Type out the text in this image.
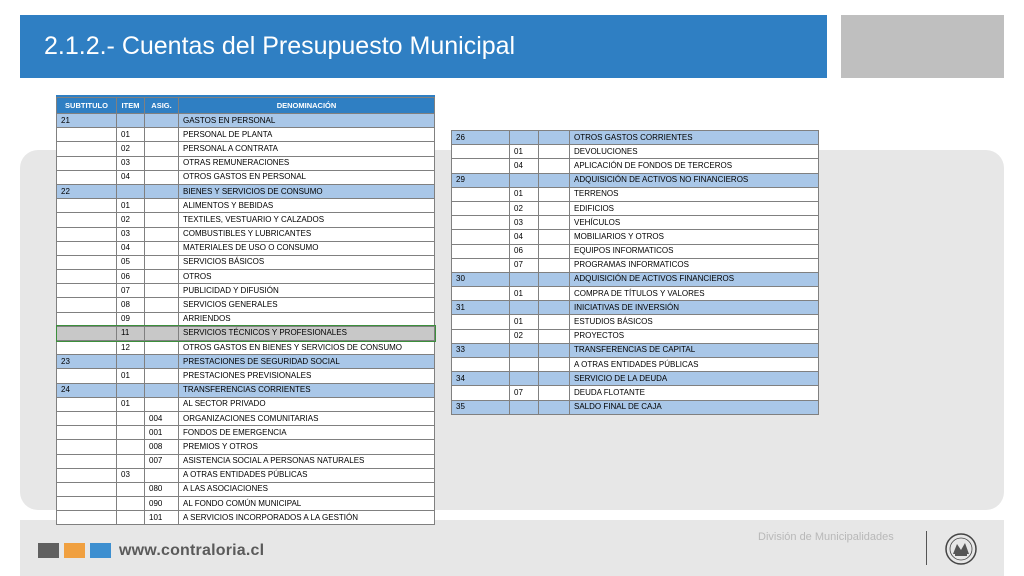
2.1.2.- Cuentas del Presupuesto Municipal
SUBTITULO	ITEM	ASIG.	DENOMINACIÓN
21			GASTOS EN PERSONAL
	01		PERSONAL DE PLANTA
	02		PERSONAL A CONTRATA
	03		OTRAS REMUNERACIONES
	04		OTROS GASTOS EN PERSONAL
22			BIENES Y SERVICIOS DE CONSUMO
	01		ALIMENTOS Y BEBIDAS
	02		TEXTILES, VESTUARIO Y CALZADOS
	03		COMBUSTIBLES Y LUBRICANTES
	04		MATERIALES DE USO O CONSUMO
	05		SERVICIOS BÁSICOS
	06		OTROS
	07		PUBLICIDAD Y DIFUSIÓN
	08		SERVICIOS GENERALES
	09		ARRIENDOS
	11		SERVICIOS TÉCNICOS Y PROFESIONALES
	12		OTROS GASTOS EN BIENES Y SERVICIOS DE CONSUMO
23			PRESTACIONES DE SEGURIDAD SOCIAL
	01		PRESTACIONES PREVISIONALES
24			TRANSFERENCIAS CORRIENTES
	01		AL SECTOR PRIVADO
		004	ORGANIZACIONES COMUNITARIAS
		001	FONDOS DE EMERGENCIA
		008	PREMIOS Y OTROS
		007	ASISTENCIA SOCIAL A PERSONAS NATURALES
	03		A OTRAS ENTIDADES PÚBLICAS
		080	A LAS ASOCIACIONES
		090	AL FONDO COMÚN MUNICIPAL
		101	A SERVICIOS INCORPORADOS A LA GESTIÓN
26			OTROS GASTOS CORRIENTES
	01		DEVOLUCIONES
	04		APLICACIÓN DE FONDOS DE TERCEROS
29			ADQUISICIÓN DE ACTIVOS NO FINANCIEROS
	01		TERRENOS
	02		EDIFICIOS
	03		VEHÍCULOS
	04		MOBILIARIOS Y OTROS
	06		EQUIPOS INFORMATICOS
	07		PROGRAMAS INFORMATICOS
30			ADQUISICIÓN DE ACTIVOS FINANCIEROS
	01		COMPRA DE TÍTULOS Y VALORES
31			INICIATIVAS DE INVERSIÓN
	01		ESTUDIOS BÁSICOS
	02		PROYECTOS
33			TRANSFERENCIAS DE CAPITAL
			A OTRAS ENTIDADES PÚBLICAS
34			SERVICIO DE LA DEUDA
	07		DEUDA FLOTANTE
35			SALDO FINAL DE CAJA
www.contraloria.cl
División de Municipalidades
